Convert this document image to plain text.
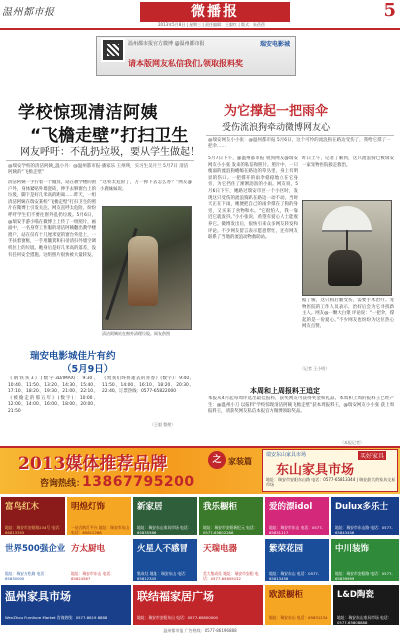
温州都市报	微播报	5
2013年5月8日 | 星期三 | 责任编辑：王毅红 | 版式：朱蓓蓓
温州都市报官方微博 @温州都市报
请本版网友私信我们,领取报料奖
瑞安电影城
学校惊现清洁阿姨
“飞檐走壁”打扫卫生
网友呼吁：不乱扔垃圾，要从学生做起！
@瑞安学校的清洁阿姨_温小丹：@温州都市报·潘家乐 王州瑛，实习生吴月兰 5月7日 清洁阿姨的“飞檐走壁”
清洁阿姨一手拧着一个簸箕，站在教学楼的窗户外，身体紧贴外墙瓷砖，伸手去够窗台上的垃圾，脚下是好几米高的距离……昨天，一组清洁阿姨在瑞安某校“飞檐走壁”打扫卫生的照片在微博上引发关注。网友直呼太危险，纷纷呼吁学生们不要往窗外乱扔垃圾。5月6日，@瑞安手游小喵在微博上上传了一组照片，画面中，一名身穿工作服的清洁阿姨翻出教学楼窗户，站在仅有十几厘米宽的窗台外沿上，一手扶着窗框，一手用簸箕和扫帚清扫外墙空调机位上的垃圾。她身后是好几米高的落差，没有任何安全措施。这组照片很快被大量转发。
“这样太危险了，万一掉下去怎么办？”网友@小鹿妹妹说。
清洁阿姨站在窗外清理垃圾。网友供图
瑞安电影城佳片有约
（5月9日）
《钢铁侠3》(数字3D/IMAX)：9:30、10:40、11:50、13:20、14:30、15:40、17:10、18:20、19:30、21:00、22:10。《被偷走的那五年》(数字)：10:00、12:00、14:00、16:00、18:00、20:00、21:50
《致我们终将逝去的青春》(数字)：9:40、11:50、14:00、16:10、18:20、20:30、22:40。订票热线：0577-65822000
（王毅 整理）
为它撑起一把雨伞
受伤流浪狗牵动微博网友心
@瑞安网友小小张：@温州都市报 5月6日，这个可怜的流浪狗在路边受伤了，我给它撑了一把伞……
5月7日下午，@温州都市报 收到网友@瑞安网友小小张 发来的私信和照片。照片中，一只瘦弱的流浪狗蜷缩在路边的草丛里，身上有明显的伤口。一把撑开的雨伞稳稳地立在它身旁，为它挡住了淅淅沥沥的小雨。网友说，5月6日下午，她路过瑞安市区一个小区时，发现这只受伤的流浪狗趴在路边一动不动。当时天正在下雨，她便把自己的雨伞撑在了狗的身旁，又买来了食物和水。“它很怕人，我一靠近它就发抖。”小小张说，希望有爱心人士能收养它。微博发出后，很快引来众多网友转发和评论。不少网友留言表示愿意帮忙，还有网友联系了当地的流浪动物救助站。
昨日上午，记者了解到，这只流浪狗已被瑞安一家宠物医院接走救治。
据了解，这只狗后腿受伤，需要手术治疗。宠物医院的工作人员表示，治好后会为它寻找新主人。网友@一颗大白菜 评论说：“一把伞，撑起的是一份爱心。”不少网友也纷纷为这位热心网友点赞。
（记者 王小明）
本周和上周报料王追定
本报从4月起每周评选出最佳报料，获奖网友可获得奖金和礼品。本周和上周的报料王已经产生：@温州小刀 以报料“学校惊现清洁阿姨飞檐走壁”获本周报料王，@瑞安网友小小张 获上周报料王，请获奖网友私信本报官方微博领取奖品。
（本报记者）
2013媒体推荐品牌	之 家装篇
咨询热线：
13867795200
瑞安东山家具市场	买好家具
东山家具市场
地址：瑞安市安阳东山路 电话：0577-65813344 | 瑞安最大的家具交易市场
富鸟红木
地址：瑞安市安阳路234号 电话：66813355
明煌灯饰
一站式购灯平台 地址：瑞安市东山 电话：65812288
新家居
地址：瑞安东山家具市场 电话：65835566
我乐橱柜
地址：瑞安市安阳新纪元 电话：0577-65802288
爱的漂idol
地址：瑞安市东山 电话：0577-65831117
Dulux多乐士
地址：瑞安市东山路 电话：0577-65843456
世界500强企业
地址：瑞安万松路 电话：65830000
方太厨电
地址：瑞安市东山 电话：65824567
火星人不感冒
集成灶 地址：瑞安东山 电话：65812345
天瑞电器
美大集成灶 地址：瑞安市安阳 电话：0577-65809152
紫荣花园
地址：瑞安东山 电话：0577-65813456
中川装饰
地址：瑞安市安阳路 电话：0577-65839999
温州家具市场
WenZhou Furniture Market 咨询热线：0577-8619 8888
联结福家居广场
地址：瑞安市安阳东山 电话：0577-65800000
欧派橱柜
地址：瑞安东山 电话：65831234
L&D陶瓷
地址：瑞安东山家具市场 电话：0577-65808888
温州都市报 广告热线：0577-86196888
